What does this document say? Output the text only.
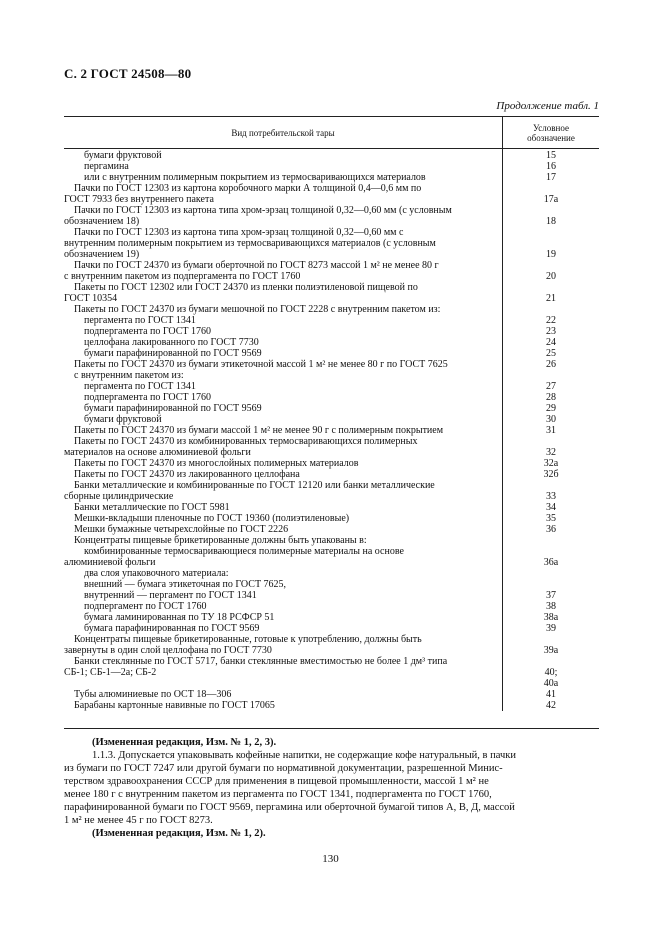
С. 2 ГОСТ 24508—80
Продолжение табл. 1
Вид потребительской тары	Условное
обозначение
бумаги фруктовой
пергамина
или с внутренним полимерным покрытием из термосваривающихся материалов
Пачки по ГОСТ 12303 из картона коробочного марки А толщиной 0,4—0,6 мм по
ГОСТ 7933 без внутреннего пакета
Пачки по ГОСТ 12303 из картона типа хром-эрзац толщиной 0,32—0,60 мм (с условным
обозначением 18)
Пачки по ГОСТ 12303 из картона типа хром-эрзац толщиной 0,32—0,60 мм с
внутренним полимерным покрытием из термосваривающихся материалов (с условным
обозначением 19)
Пачки по ГОСТ 24370 из бумаги оберточной по ГОСТ 8273 массой 1 м² не менее 80 г
с внутренним пакетом из подпергамента по ГОСТ 1760
Пакеты по ГОСТ 12302 или ГОСТ 24370 из пленки полиэтиленовой пищевой по
ГОСТ 10354
Пакеты по ГОСТ 24370 из бумаги мешочной по ГОСТ 2228 с внутренним пакетом из:
пергамента по ГОСТ 1341
подпергамента по ГОСТ 1760
целлофана лакированного по ГОСТ 7730
бумаги парафинированной по ГОСТ 9569
Пакеты по ГОСТ 24370 из бумаги этикеточной массой 1 м² не менее 80 г по ГОСТ 7625
с внутренним пакетом из:
пергамента по ГОСТ 1341
подпергамента по ГОСТ 1760
бумаги парафинированной по ГОСТ 9569
бумаги фруктовой
Пакеты по ГОСТ 24370 из бумаги массой 1 м² не менее 90 г с полимерным покрытием
Пакеты по ГОСТ 24370 из комбинированных термосваривающихся полимерных
материалов на основе алюминиевой фольги
Пакеты по ГОСТ 24370 из многослойных полимерных материалов
Пакеты по ГОСТ 24370 из лакированного целлофана
Банки металлические и комбинированные по ГОСТ 12120 или банки металлические
сборные цилиндрические
Банки металлические по ГОСТ 5981
Мешки-вкладыши пленочные по ГОСТ 19360 (полиэтиленовые)
Мешки бумажные четырехслойные по ГОСТ 2226
Концентраты пищевые брикетированные должны быть упакованы в:
комбинированные термосваривающиеся полимерные материалы на основе
алюминиевой фольги
два слоя упаковочного материала:
внешний — бумага этикеточная по ГОСТ 7625,
внутренний — пергамент по ГОСТ 1341
подпергамент по ГОСТ 1760
бумага ламинированная по ТУ 18 РСФСР 51
бумага парафинированная по ГОСТ 9569
Концентраты пищевые брикетированные, готовые к употреблению, должны быть
завернуты в один слой целлофана по ГОСТ 7730
Банки стеклянные по ГОСТ 5717, банки стеклянные вместимостью не более 1 дм³ типа
СБ-1; СБ-1—2а; СБ-2
Тубы алюминиевые по ОСТ 18—306
Барабаны картонные навивные по ГОСТ 17065
15
16
17
17а
18
19
20
21
22
23
24
25
26
27
28
29
30
31
32
32а
32б
33
34
35
36
36а
37
38
38а
39
39а
40;
40а
41
42
(Измененная редакция, Изм. № 1, 2, 3).
1.1.3. Допускается упаковывать кофейные напитки, не содержащие кофе натуральный, в пачки
из бумаги по ГОСТ 7247 или другой бумаги по нормативной документации, разрешенной Минис-
терством здравоохранения СССР для применения в пищевой промышленности, массой 1 м² не
менее 180 г с внутренним пакетом из пергамента по ГОСТ 1341, подпергамента по ГОСТ 1760,
парафинированной бумаги по ГОСТ 9569, пергамина или оберточной бумагой типов А, В, Д, массой
1 м² не менее 45 г по ГОСТ 8273.
(Измененная редакция, Изм. № 1, 2).
130
